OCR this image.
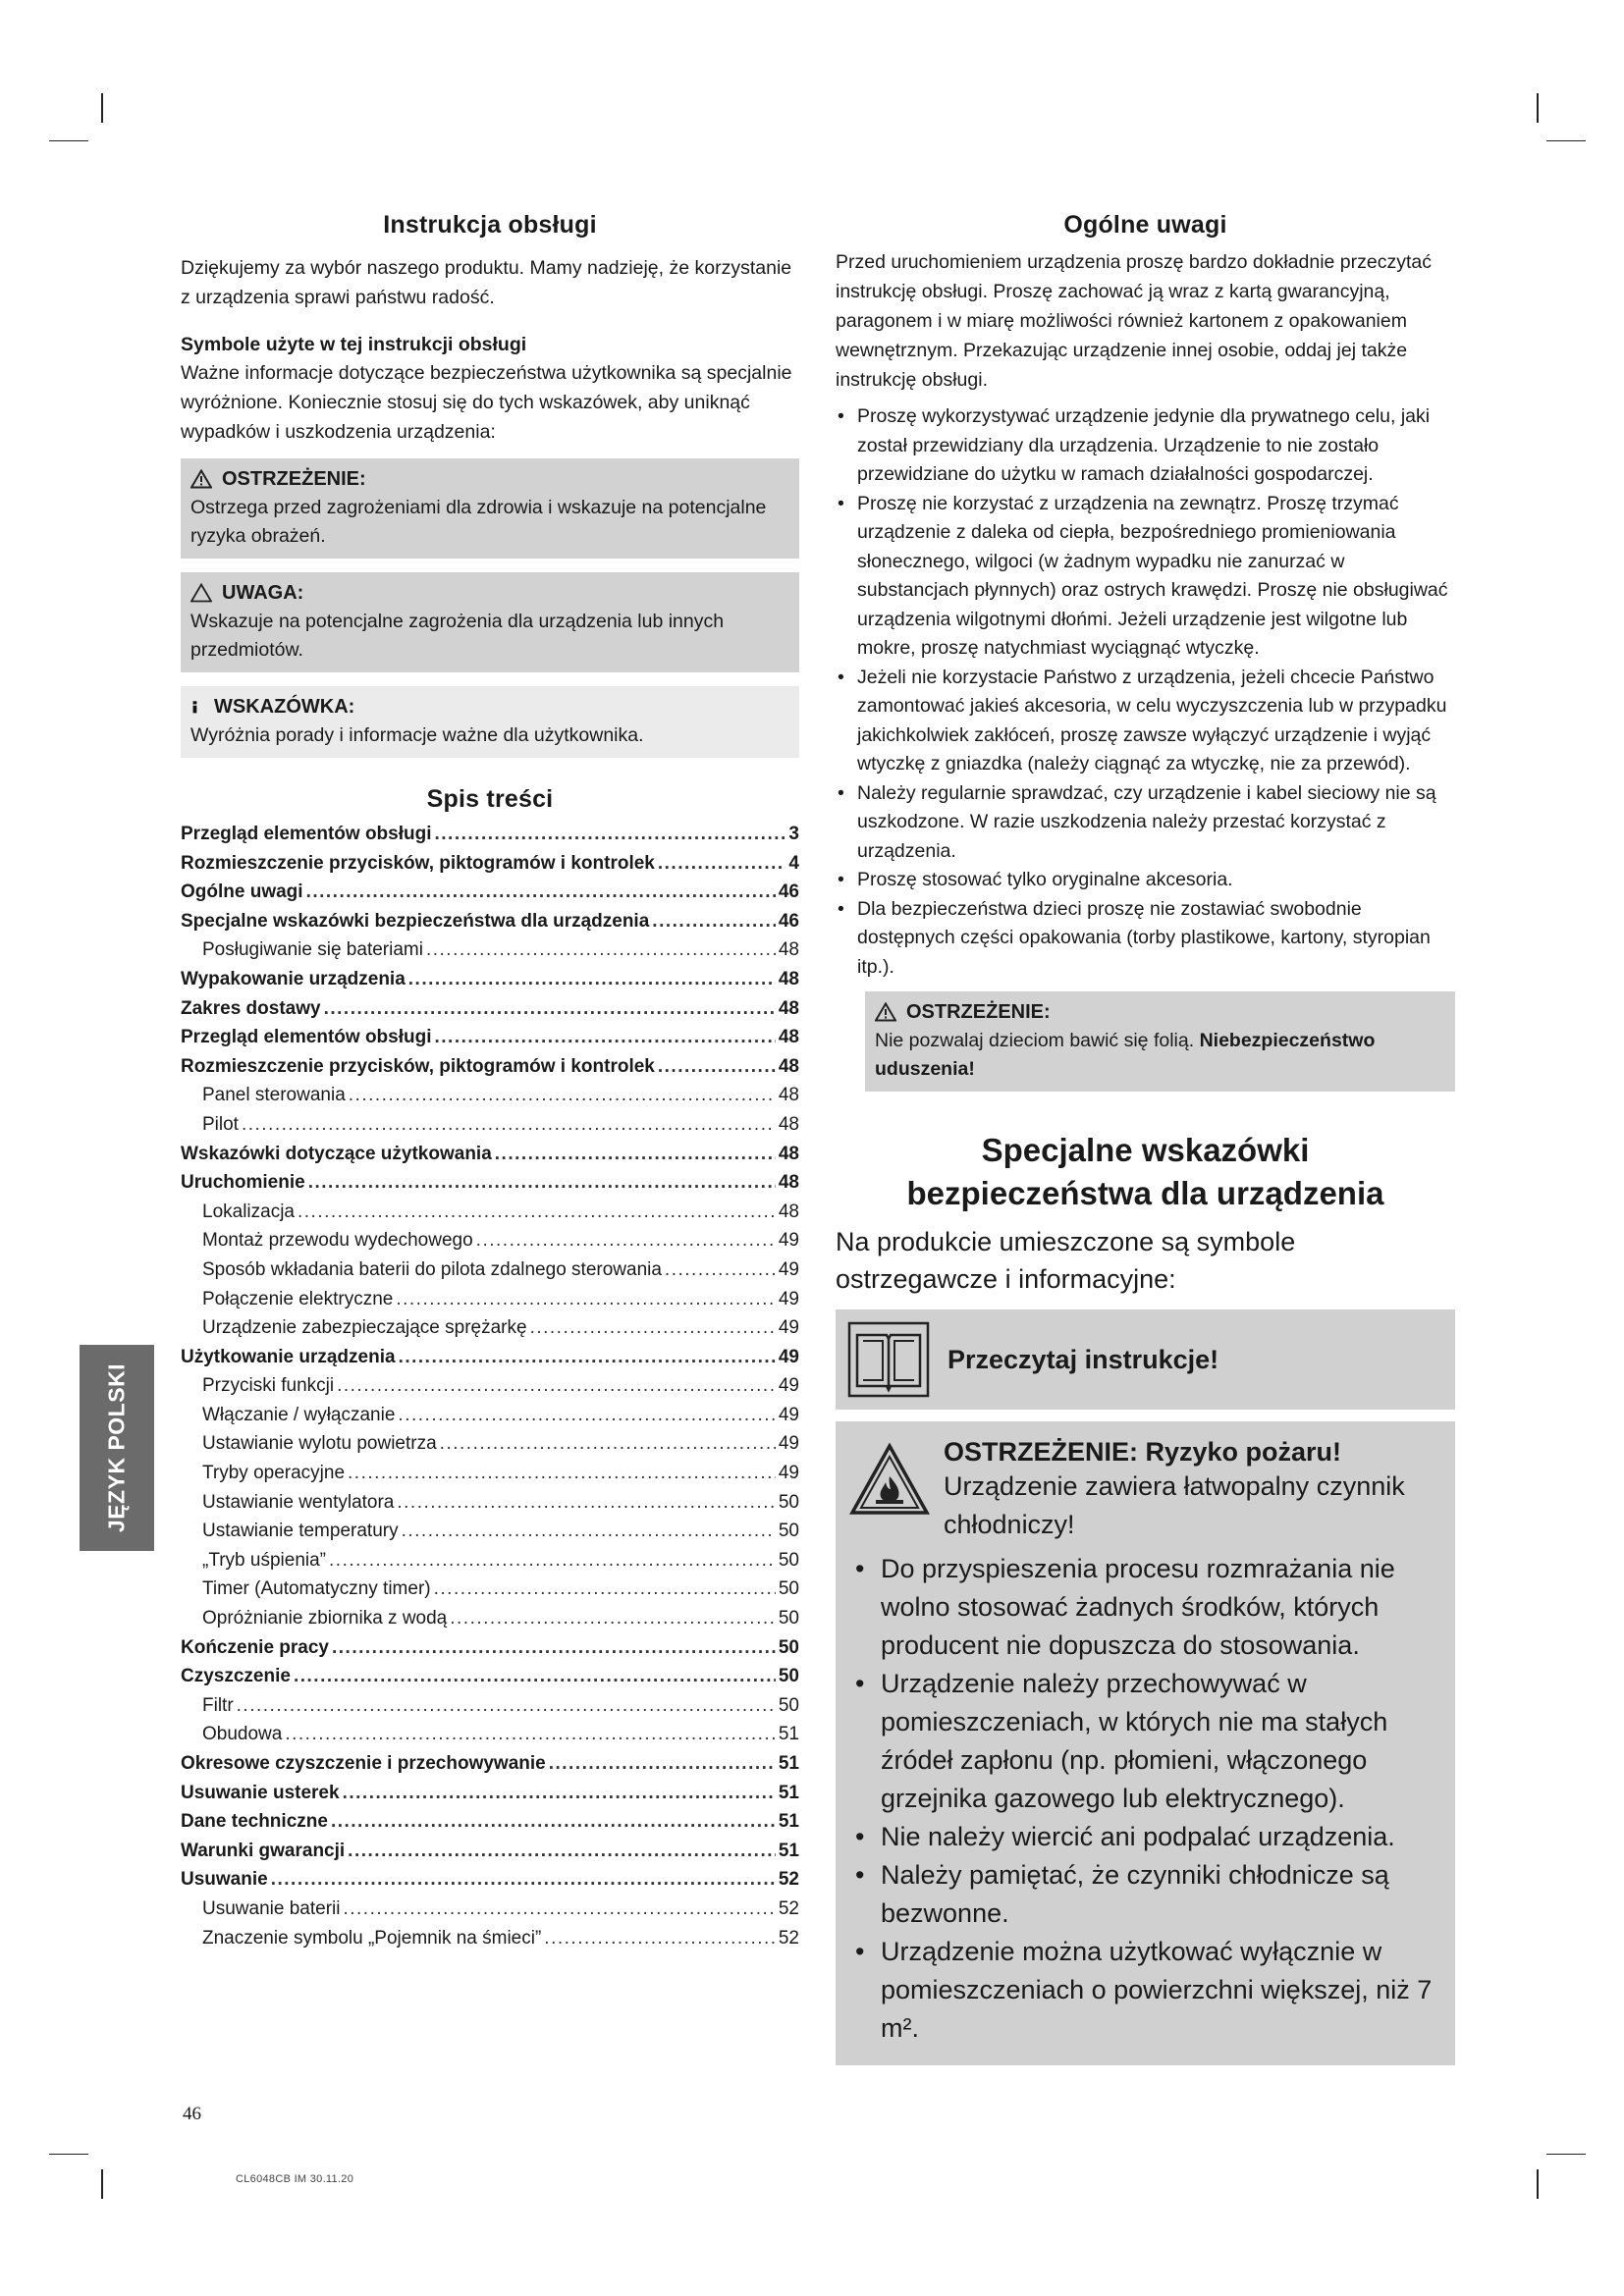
Instrukcja obsługi

Dziękujemy za wybór naszego produktu. Mamy nadzieję, że korzystanie z urządzenia sprawi państwu radość.

Symbole użyte w tej instrukcji obsługi

Ważne informacje dotyczące bezpieczeństwa użytkownika są specjalnie wyróżnione. Koniecznie stosuj się do tych wskazówek, aby uniknąć wypadków i uszkodzenia urządzenia:

OSTRZEŻENIE:
Ostrzega przed zagrożeniami dla zdrowia i wskazuje na potencjalne ryzyka obrażeń.
UWAGA:
Wskazuje na potencjalne zagrożenia dla urządzenia lub innych przedmiotów.
WSKAZÓWKA:
Wyróżnia porady i informacje ważne dla użytkownika.
Spis treści
Przegląd elementów obsługi .....	3
Rozmieszczenie przycisków, piktogramów i kontrolek .....	4
Ogólne uwagi .....	46
Specjalne wskazówki bezpieczeństwa dla urządzenia .....	46
Posługiwanie się bateriami .....	48
Wypakowanie urządzenia .....	48
Zakres dostawy .....	48
Przegląd elementów obsługi .....	48
Rozmieszczenie przycisków, piktogramów i kontrolek .....	48
Panel sterowania .....	48
Pilot .....	48
Wskazówki dotyczące użytkowania .....	48
Uruchomienie .....	48
Lokalizacja .....	48
Montaż przewodu wydechowego .....	49
Sposób wkładania baterii do pilota zdalnego sterowania .....	49
Połączenie elektryczne .....	49
Urządzenie zabezpieczające sprężarkę .....	49
Użytkowanie urządzenia .....	49
Przyciski funkcji .....	49
Włączanie / wyłączanie .....	49
Ustawianie wylotu powietrza .....	49
Tryby operacyjne .....	49
Ustawianie wentylatora .....	50
Ustawianie temperatury .....	50
„Tryb uśpienia” .....	50
Timer (Automatyczny timer) .....	50
Opróżnianie zbiornika z wodą .....	50
Kończenie pracy .....	50
Czyszczenie .....	50
Filtr .....	50
Obudowa .....	51
Okresowe czyszczenie i przechowywanie .....	51
Usuwanie usterek .....	51
Dane techniczne .....	51
Warunki gwarancji .....	51
Usuwanie .....	52
Usuwanie baterii .....	52
Znaczenie symbolu „Pojemnik na śmieci” .....	52
Ogólne uwagi

Przed uruchomieniem urządzenia proszę bardzo dokładnie przeczytać instrukcję obsługi. Proszę zachować ją wraz z kartą gwarancyjną, paragonem i w miarę możliwości również kartonem z opakowaniem wewnętrznym. Przekazując urządzenie innej osobie, oddaj jej także instrukcję obsługi.

• Proszę wykorzystywać urządzenie jedynie dla prywatnego celu, jaki został przewidziany dla urządzenia. Urządzenie to nie zostało przewidziane do użytku w ramach działalności gospodarczej.
• Proszę nie korzystać z urządzenia na zewnątrz. Proszę trzymać urządzenie z daleka od ciepła, bezpośredniego promieniowania słonecznego, wilgoci (w żadnym wypadku nie zanurzać w substancjach płynnych) oraz ostrych krawędzi. Proszę nie obsługiwać urządzenia wilgotnymi dłońmi. Jeżeli urządzenie jest wilgotne lub mokre, proszę natychmiast wyciągnąć wtyczkę.
• Jeżeli nie korzystacie Państwo z urządzenia, jeżeli chcecie Państwo zamontować jakieś akcesoria, w celu wyczyszczenia lub w przypadku jakichkolwiek zakłóceń, proszę zawsze wyłączyć urządzenie i wyjąć wtyczkę z gniazdka (należy ciągnąć za wtyczkę, nie za przewód).
• Należy regularnie sprawdzać, czy urządzenie i kabel sieciowy nie są uszkodzone. W razie uszkodzenia należy przestać korzystać z urządzenia.
• Proszę stosować tylko oryginalne akcesoria.
• Dla bezpieczeństwa dzieci proszę nie zostawiać swobodnie dostępnych części opakowania (torby plastikowe, kartony, styropian itp.).
OSTRZEŻENIE:
Nie pozwalaj dzieciom bawić się folią. Niebezpieczeństwo uduszenia!
Specjalne wskazówki bezpieczeństwa dla urządzenia

Na produkcie umieszczone są symbole ostrzegawcze i informacyjne:

Przeczytaj instrukcje!
OSTRZEŻENIE: Ryzyko pożaru!
Urządzenie zawiera łatwopalny czynnik chłodniczy!
• Do przyspieszenia procesu rozmrażania nie wolno stosować żadnych środków, których producent nie dopuszcza do stosowania.
• Urządzenie należy przechowywać w pomieszczeniach, w których nie ma stałych źródeł zapłonu (np. płomieni, włączonego grzejnika gazowego lub elektrycznego).
• Nie należy wiercić ani podpalać urządzenia.
• Należy pamiętać, że czynniki chłodnicze są bezwonne.
• Urządzenie można użytkować wyłącznie w pomieszczeniach o powierzchni większej, niż 7 m².
JĘZYK POLSKI
46
CL6048CB IM 30.11.20
